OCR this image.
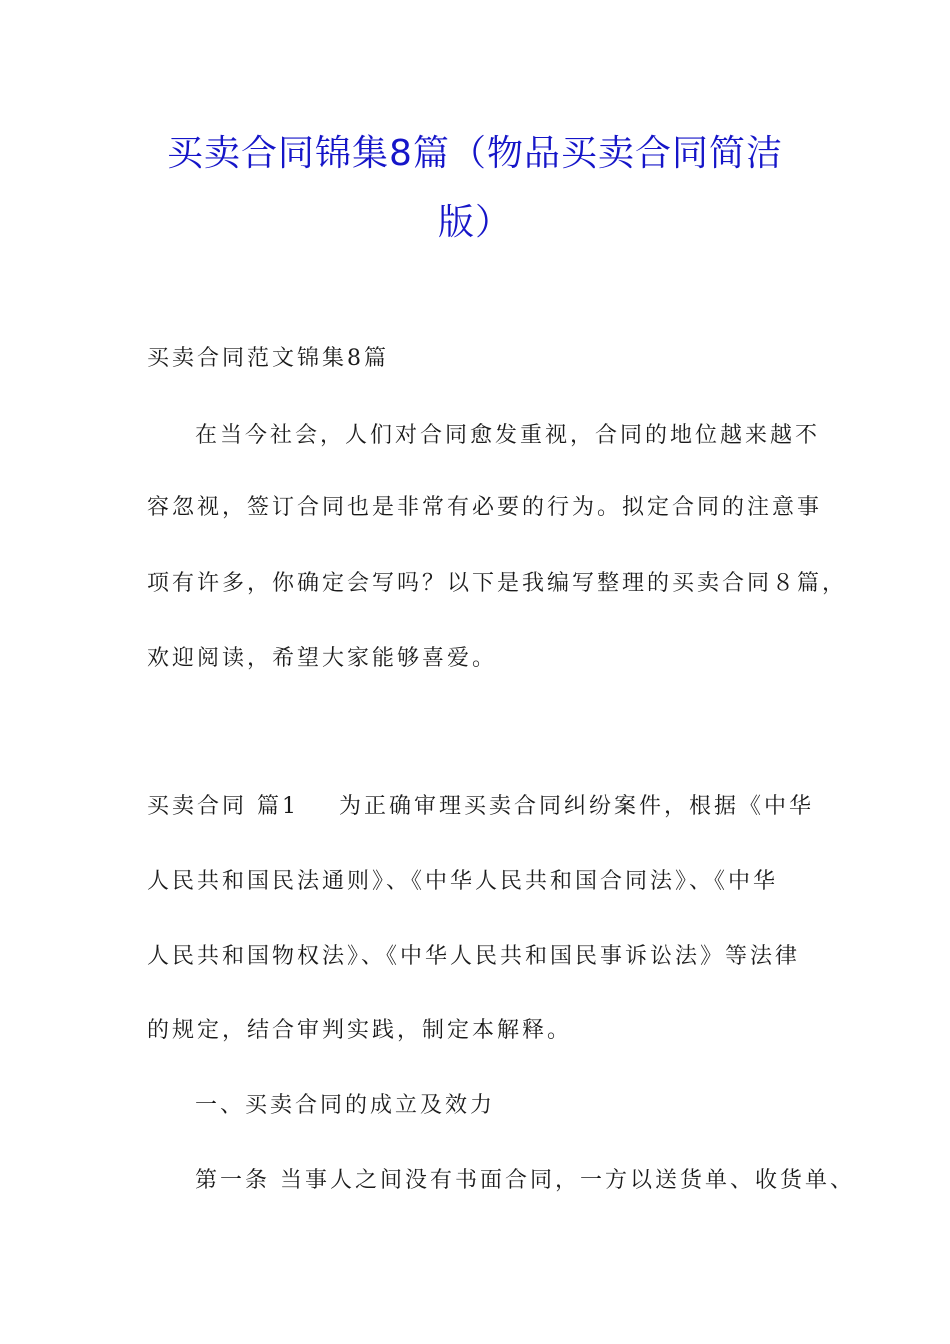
买卖合同锦集8篇（物品买卖合同简洁
版）
买卖合同范文锦集8篇
在当今社会，人们对合同愈发重视，合同的地位越来越不
容忽视，签订合同也是非常有必要的行为。拟定合同的注意事
项有许多，你确定会写吗？以下是我编写整理的买卖合同８篇，
欢迎阅读，希望大家能够喜爱。
买卖合同 篇1    为正确审理买卖合同纠纷案件，根据《中华
人民共和国民法通则》、《中华人民共和国合同法》、《中华
人民共和国物权法》、《中华人民共和国民事诉讼法》等法律
的规定，结合审判实践，制定本解释。
一、买卖合同的成立及效力
第一条 当事人之间没有书面合同，一方以送货单、收货单、
